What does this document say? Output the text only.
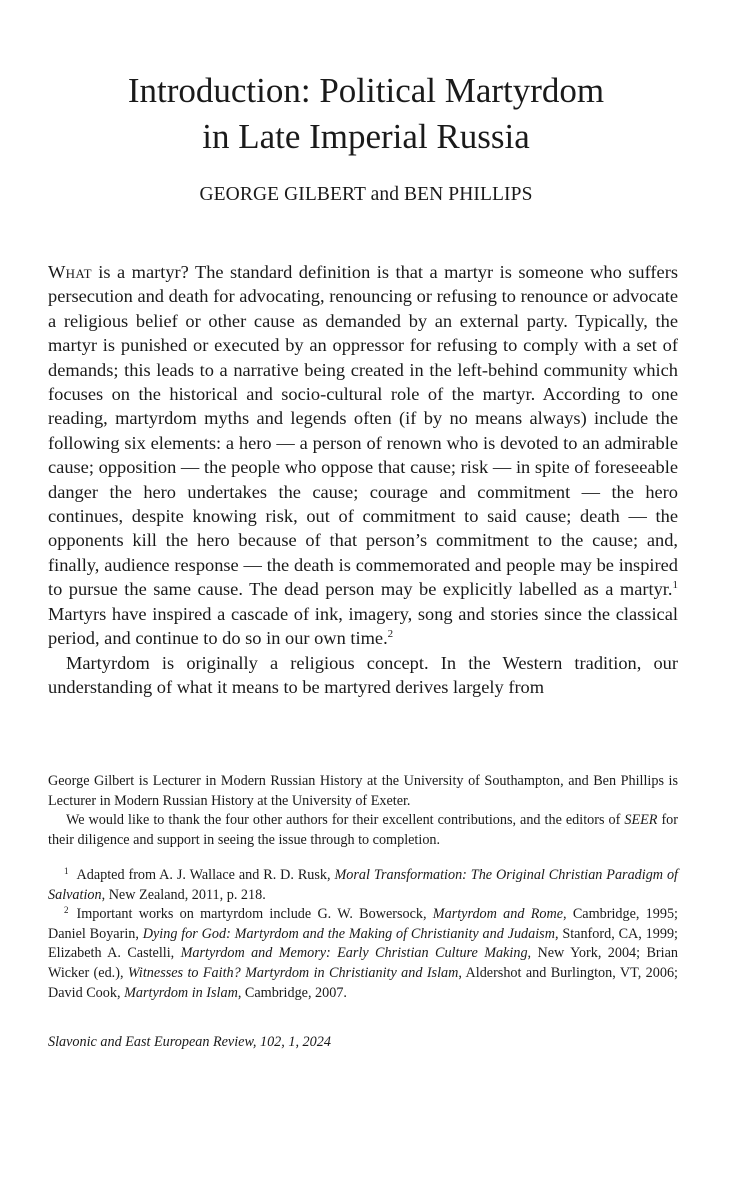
Introduction: Political Martyrdom
in Late Imperial Russia
GEORGE GILBERT and BEN PHILLIPS

What is a martyr? The standard definition is that a martyr is someone who suffers persecution and death for advocating, renouncing or refusing to renounce or advocate a religious belief or other cause as demanded by an external party. Typically, the martyr is punished or executed by an oppressor for refusing to comply with a set of demands; this leads to a narrative being created in the left-behind community which focuses on the historical and socio-cultural role of the martyr. According to one reading, martyrdom myths and legends often (if by no means always) include the following six elements: a hero — a person of renown who is devoted to an admirable cause; opposition — the people who oppose that cause; risk — in spite of foreseeable danger the hero undertakes the cause; courage and commitment — the hero continues, despite knowing risk, out of commitment to said cause; death — the opponents kill the hero because of that person’s commitment to the cause; and, finally, audience response — the death is commemorated and people may be inspired to pursue the same cause. The dead person may be explicitly labelled as a martyr.$^1$ Martyrs have inspired a cascade of ink, imagery, song and stories since the classical period, and continue to do so in our own time.$^2$

Martyrdom is originally a religious concept. In the Western tradition, our understanding of what it means to be martyred derives largely from

George Gilbert is Lecturer in Modern Russian History at the University of Southampton, and Ben Phillips is Lecturer in Modern Russian History at the University of Exeter.

We would like to thank the four other authors for their excellent contributions, and the editors of SEER for their diligence and support in seeing the issue through to completion.

$^1$ Adapted from A. J. Wallace and R. D. Rusk, Moral Transformation: The Original Christian Paradigm of Salvation, New Zealand, 2011, p. 218.

$^2$ Important works on martyrdom include G. W. Bowersock, Martyrdom and Rome, Cambridge, 1995; Daniel Boyarin, Dying for God: Martyrdom and the Making of Christianity and Judaism, Stanford, CA, 1999; Elizabeth A. Castelli, Martyrdom and Memory: Early Christian Culture Making, New York, 2004; Brian Wicker (ed.), Witnesses to Faith? Martyrdom in Christianity and Islam, Aldershot and Burlington, VT, 2006; David Cook, Martyrdom in Islam, Cambridge, 2007.

Slavonic and East European Review, 102, 1, 2024
